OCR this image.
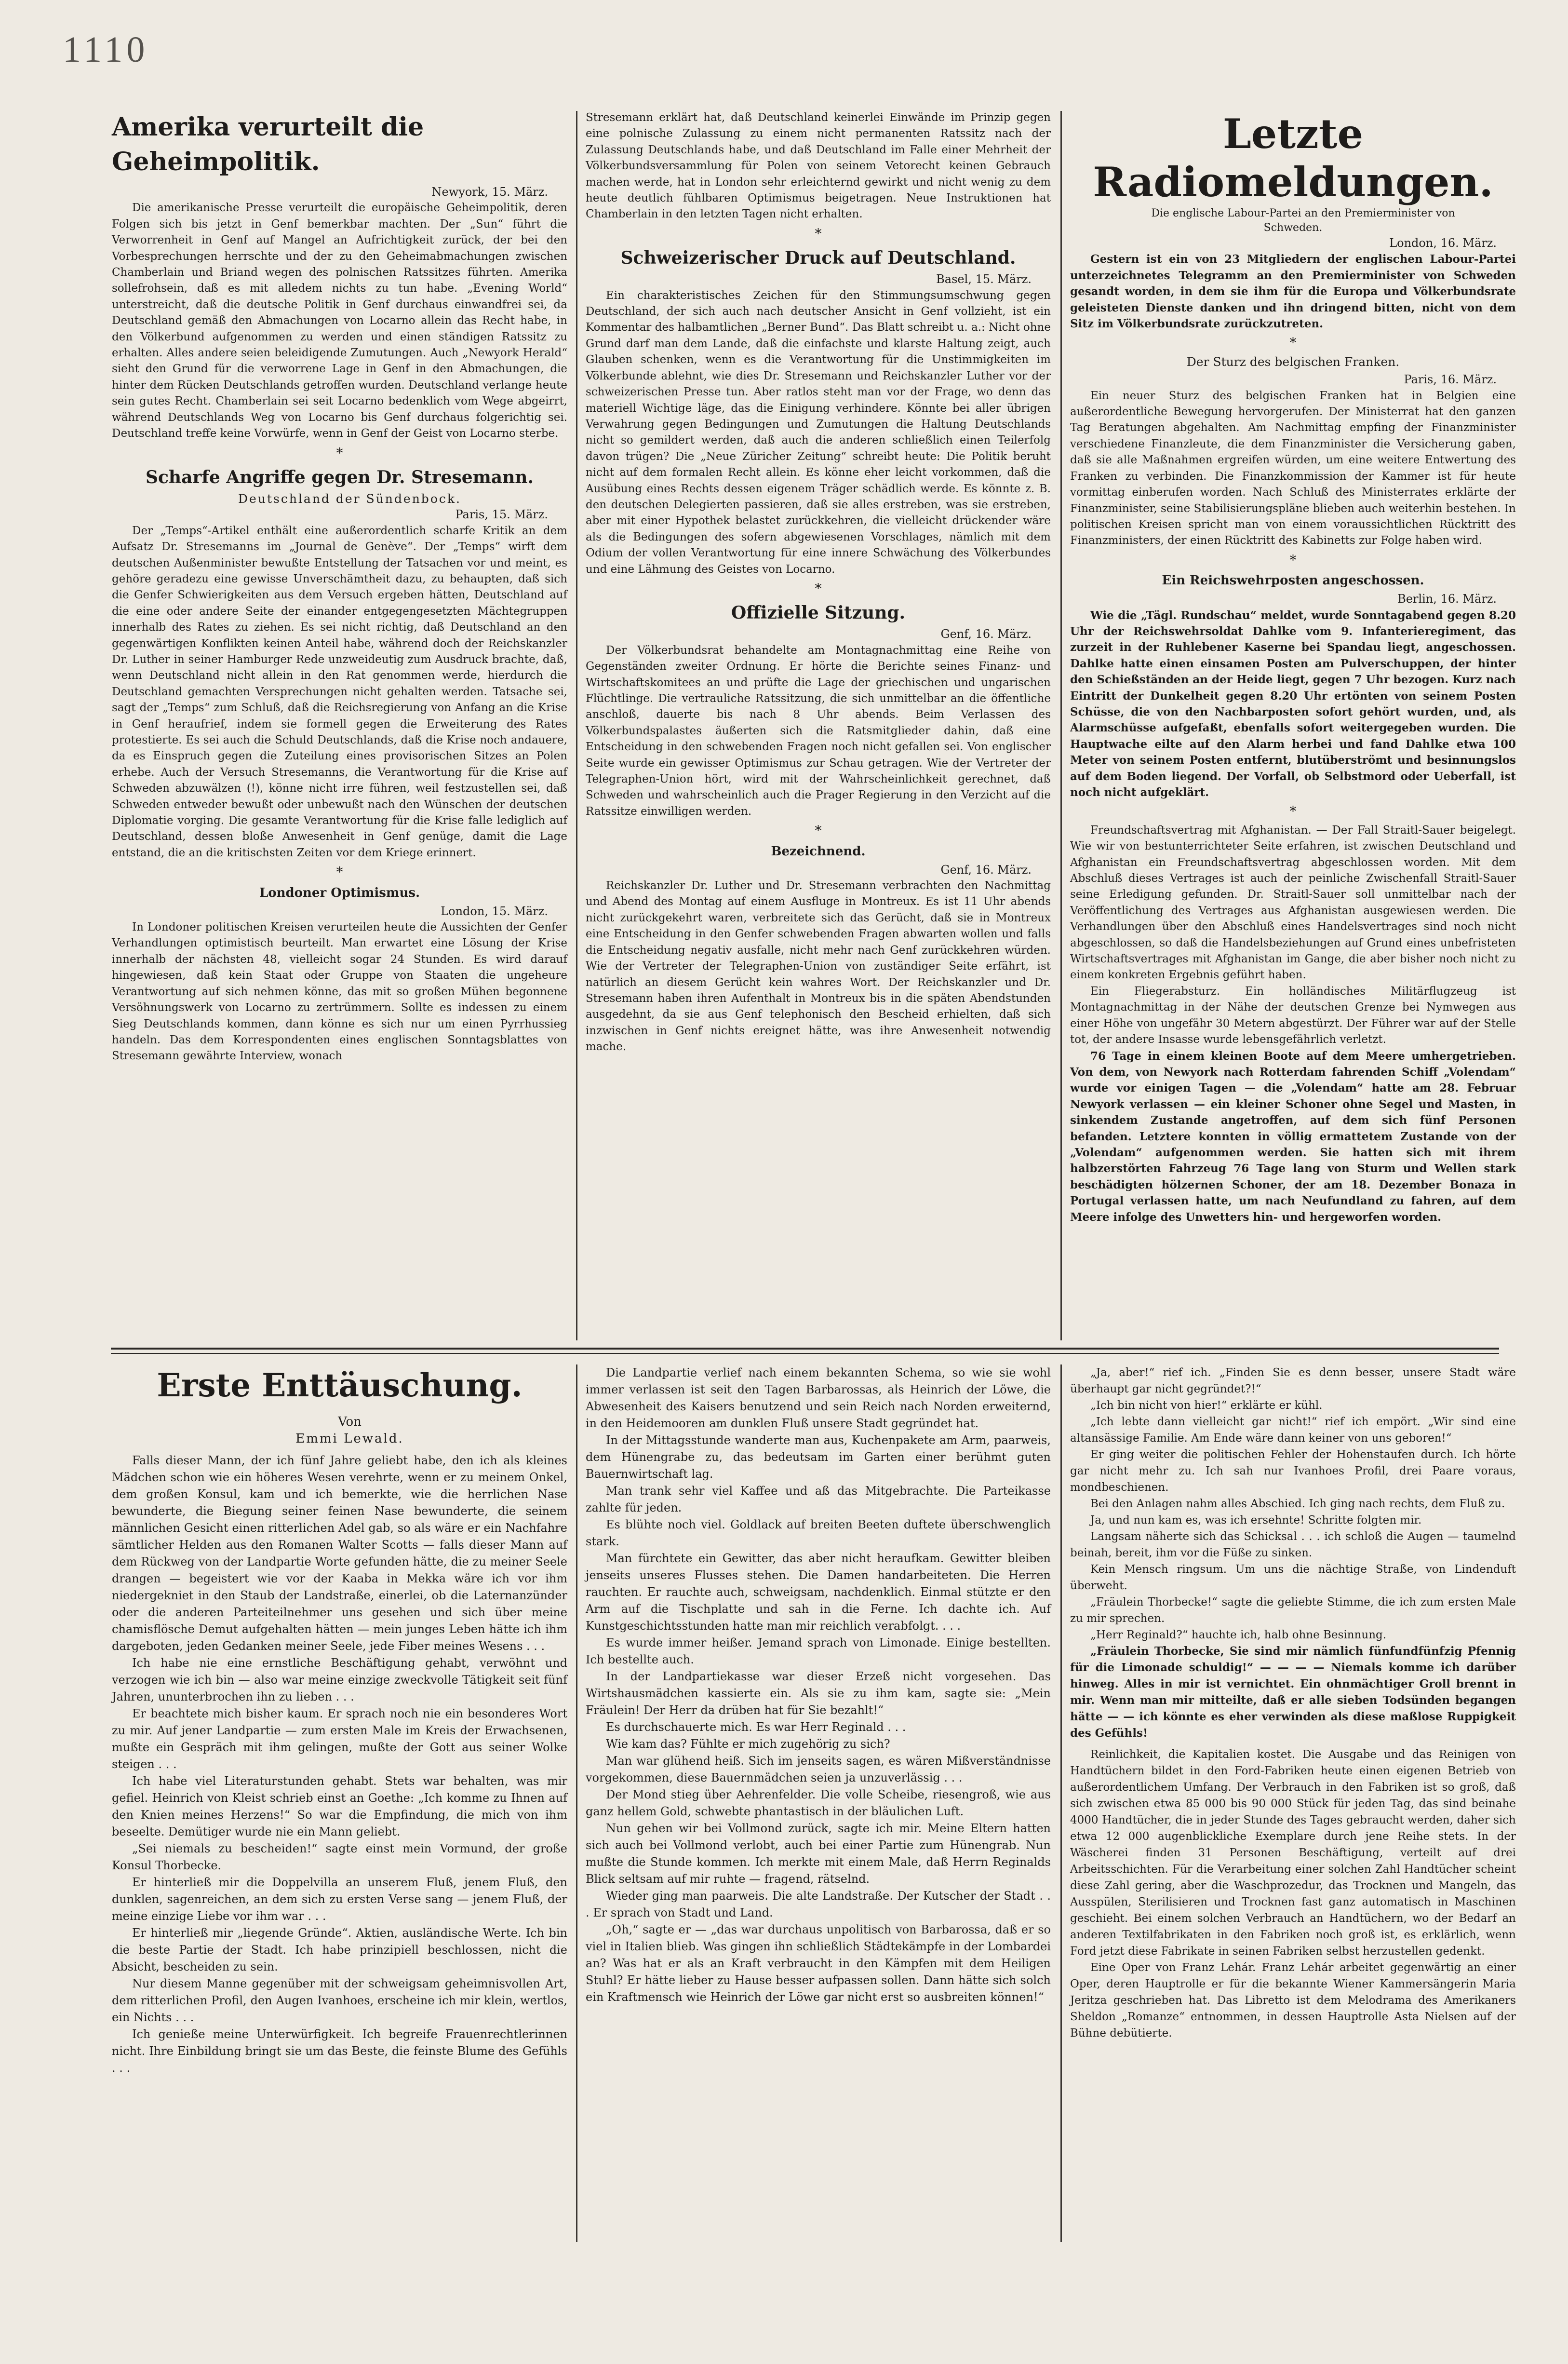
1110
Amerika verurteilt die Geheimpolitik.

Newyork, 15. März.

Die amerikanische Presse verurteilt die europäische Geheimpolitik, deren Folgen sich bis jetzt in Genf bemerkbar machten. Der „Sun“ führt die Verworrenheit in Genf auf Mangel an Aufrichtigkeit zurück, der bei den Vorbesprechungen herrschte und der zu den Geheimabmachungen zwischen Chamberlain und Briand wegen des polnischen Ratssitzes führten. Amerika sollefrohsein, daß es mit alledem nichts zu tun habe. „Evening World“ unterstreicht, daß die deutsche Politik in Genf durchaus einwandfrei sei, da Deutschland gemäß den Abmachungen von Locarno allein das Recht habe, in den Völkerbund aufgenommen zu werden und einen ständigen Ratssitz zu erhalten. Alles andere seien beleidigende Zumutungen. Auch „Newyork Herald“ sieht den Grund für die verworrene Lage in Genf in den Abmachungen, die hinter dem Rücken Deutschlands getroffen wurden. Deutschland verlange heute sein gutes Recht. Chamberlain sei seit Locarno bedenklich vom Wege abgeirrt, während Deutschlands Weg von Locarno bis Genf durchaus folgerichtig sei. Deutschland treffe keine Vorwürfe, wenn in Genf der Geist von Locarno sterbe.

*
Scharfe Angriffe gegen Dr. Stresemann.

Deutschland der Sündenbock.

Paris, 15. März.

Der „Temps“-Artikel enthält eine außerordentlich scharfe Kritik an dem Aufsatz Dr. Stresemanns im „Journal de Genève“. Der „Temps“ wirft dem deutschen Außenminister bewußte Entstellung der Tatsachen vor und meint, es gehöre geradezu eine gewisse Unverschämtheit dazu, zu behaupten, daß sich die Genfer Schwierigkeiten aus dem Versuch ergeben hätten, Deutschland auf die eine oder andere Seite der einander entgegengesetzten Mächtegruppen innerhalb des Rates zu ziehen. Es sei nicht richtig, daß Deutschland an den gegenwärtigen Konflikten keinen Anteil habe, während doch der Reichskanzler Dr. Luther in seiner Hamburger Rede unzweideutig zum Ausdruck brachte, daß, wenn Deutschland nicht allein in den Rat genommen werde, hierdurch die Deutschland gemachten Versprechungen nicht gehalten werden. Tatsache sei, sagt der „Temps“ zum Schluß, daß die Reichsregierung von Anfang an die Krise in Genf heraufrief, indem sie formell gegen die Erweiterung des Rates protestierte. Es sei auch die Schuld Deutschlands, daß die Krise noch andauere, da es Einspruch gegen die Zuteilung eines provisorischen Sitzes an Polen erhebe. Auch der Versuch Stresemanns, die Verantwortung für die Krise auf Schweden abzuwälzen (!), könne nicht irre führen, weil festzustellen sei, daß Schweden entweder bewußt oder unbewußt nach den Wünschen der deutschen Diplomatie vorging. Die gesamte Verantwortung für die Krise falle lediglich auf Deutschland, dessen bloße Anwesenheit in Genf genüge, damit die Lage entstand, die an die kritischsten Zeiten vor dem Kriege erinnert.

*
Londoner Optimismus.

London, 15. März.

In Londoner politischen Kreisen verurteilen heute die Aussichten der Genfer Verhandlungen optimistisch beurteilt. Man erwartet eine Lösung der Krise innerhalb der nächsten 48, vielleicht sogar 24 Stunden. Es wird darauf hingewiesen, daß kein Staat oder Gruppe von Staaten die ungeheure Verantwortung auf sich nehmen könne, das mit so großen Mühen begonnene Versöhnungswerk von Locarno zu zertrümmern. Sollte es indessen zu einem Sieg Deutschlands kommen, dann könne es sich nur um einen Pyrrhussieg handeln. Das dem Korrespondenten eines englischen Sonntagsblattes von Stresemann gewährte Interview, wonach

Stresemann erklärt hat, daß Deutschland keinerlei Einwände im Prinzip gegen eine polnische Zulassung zu einem nicht permanenten Ratssitz nach der Zulassung Deutschlands habe, und daß Deutschland im Falle einer Mehrheit der Völkerbundsversammlung für Polen von seinem Vetorecht keinen Gebrauch machen werde, hat in London sehr erleichternd gewirkt und nicht wenig zu dem heute deutlich fühlbaren Optimismus beigetragen. Neue Instruktionen hat Chamberlain in den letzten Tagen nicht erhalten.

*
Schweizerischer Druck auf Deutschland.

Basel, 15. März.

Ein charakteristisches Zeichen für den Stimmungsumschwung gegen Deutschland, der sich auch nach deutscher Ansicht in Genf vollzieht, ist ein Kommentar des halbamtlichen „Berner Bund“. Das Blatt schreibt u. a.: Nicht ohne Grund darf man dem Lande, daß die einfachste und klarste Haltung zeigt, auch Glauben schenken, wenn es die Verantwortung für die Unstimmigkeiten im Völkerbunde ablehnt, wie dies Dr. Stresemann und Reichskanzler Luther vor der schweizerischen Presse tun. Aber ratlos steht man vor der Frage, wo denn das materiell Wichtige läge, das die Einigung verhindere. Könnte bei aller übrigen Verwahrung gegen Bedingungen und Zumutungen die Haltung Deutschlands nicht so gemildert werden, daß auch die anderen schließlich einen Teilerfolg davon trügen? Die „Neue Züricher Zeitung“ schreibt heute: Die Politik beruht nicht auf dem formalen Recht allein. Es könne eher leicht vorkommen, daß die Ausübung eines Rechts dessen eigenem Träger schädlich werde. Es könnte z. B. den deutschen Delegierten passieren, daß sie alles erstreben, was sie erstreben, aber mit einer Hypothek belastet zurückkehren, die vielleicht drückender wäre als die Bedingungen des sofern abgewiesenen Vorschlages, nämlich mit dem Odium der vollen Verantwortung für eine innere Schwächung des Völkerbundes und eine Lähmung des Geistes von Locarno.

*
Offizielle Sitzung.

Genf, 16. März.

Der Völkerbundsrat behandelte am Montagnachmittag eine Reihe von Gegenständen zweiter Ordnung. Er hörte die Berichte seines Finanz- und Wirtschaftskomitees an und prüfte die Lage der griechischen und ungarischen Flüchtlinge. Die vertrauliche Ratssitzung, die sich unmittelbar an die öffentliche anschloß, dauerte bis nach 8 Uhr abends. Beim Verlassen des Völkerbundspalastes äußerten sich die Ratsmitglieder dahin, daß eine Entscheidung in den schwebenden Fragen noch nicht gefallen sei. Von englischer Seite wurde ein gewisser Optimismus zur Schau getragen. Wie der Vertreter der Telegraphen-Union hört, wird mit der Wahrscheinlichkeit gerechnet, daß Schweden und wahrscheinlich auch die Prager Regierung in den Verzicht auf die Ratssitze einwilligen werden.

*
Bezeichnend.

Genf, 16. März.

Reichskanzler Dr. Luther und Dr. Stresemann verbrachten den Nachmittag und Abend des Montag auf einem Ausfluge in Montreux. Es ist 11 Uhr abends nicht zurückgekehrt waren, verbreitete sich das Gerücht, daß sie in Montreux eine Entscheidung in den Genfer schwebenden Fragen abwarten wollen und falls die Entscheidung negativ ausfalle, nicht mehr nach Genf zurückkehren würden. Wie der Vertreter der Telegraphen-Union von zuständiger Seite erfährt, ist natürlich an diesem Gerücht kein wahres Wort. Der Reichskanzler und Dr. Stresemann haben ihren Aufenthalt in Montreux bis in die späten Abendstunden ausgedehnt, da sie aus Genf telephonisch den Bescheid erhielten, daß sich inzwischen in Genf nichts ereignet hätte, was ihre Anwesenheit notwendig mache.

Letzte Radiomeldungen.

Die englische Labour-Partei an den Premierminister von Schweden.

London, 16. März.

Gestern ist ein von 23 Mitgliedern der englischen Labour-Partei unterzeichnetes Telegramm an den Premierminister von Schweden gesandt worden, in dem sie ihm für die Europa und Völkerbundsrate geleisteten Dienste danken und ihn dringend bitten, nicht von dem Sitz im Völkerbundsrate zurückzutreten.

*
Der Sturz des belgischen Franken.

Paris, 16. März.

Ein neuer Sturz des belgischen Franken hat in Belgien eine außerordentliche Bewegung hervorgerufen. Der Ministerrat hat den ganzen Tag Beratungen abgehalten. Am Nachmittag empfing der Finanzminister verschiedene Finanzleute, die dem Finanzminister die Versicherung gaben, daß sie alle Maßnahmen ergreifen würden, um eine weitere Entwertung des Franken zu verbinden. Die Finanzkommission der Kammer ist für heute vormittag einberufen worden. Nach Schluß des Ministerrates erklärte der Finanzminister, seine Stabilisierungspläne blieben auch weiterhin bestehen. In politischen Kreisen spricht man von einem voraussichtlichen Rücktritt des Finanzministers, der einen Rücktritt des Kabinetts zur Folge haben wird.

*
Ein Reichswehrposten angeschossen.

Berlin, 16. März.

Wie die „Tägl. Rundschau“ meldet, wurde Sonntagabend gegen 8.20 Uhr der Reichswehrsoldat Dahlke vom 9. Infanterieregiment, das zurzeit in der Ruhlebener Kaserne bei Spandau liegt, angeschossen. Dahlke hatte einen einsamen Posten am Pulverschuppen, der hinter den Schießständen an der Heide liegt, gegen 7 Uhr bezogen. Kurz nach Eintritt der Dunkelheit gegen 8.20 Uhr ertönten von seinem Posten Schüsse, die von den Nachbarposten sofort gehört wurden, und, als Alarmschüsse aufgefaßt, ebenfalls sofort weitergegeben wurden. Die Hauptwache eilte auf den Alarm herbei und fand Dahlke etwa 100 Meter von seinem Posten entfernt, blutüberströmt und besinnungslos auf dem Boden liegend. Der Vorfall, ob Selbstmord oder Ueberfall, ist noch nicht aufgeklärt.

*

Freundschaftsvertrag mit Afghanistan. — Der Fall Straitl-Sauer beigelegt. Wie wir von bestunterrichteter Seite erfahren, ist zwischen Deutschland und Afghanistan ein Freundschaftsvertrag abgeschlossen worden. Mit dem Abschluß dieses Vertrages ist auch der peinliche Zwischenfall Straitl-Sauer seine Erledigung gefunden. Dr. Straitl-Sauer soll unmittelbar nach der Veröffentlichung des Vertrages aus Afghanistan ausgewiesen werden. Die Verhandlungen über den Abschluß eines Handelsvertrages sind noch nicht abgeschlossen, so daß die Handelsbeziehungen auf Grund eines unbefristeten Wirtschaftsvertrages mit Afghanistan im Gange, die aber bisher noch nicht zu einem konkreten Ergebnis geführt haben.

Ein Fliegerabsturz. Ein holländisches Militärflugzeug ist Montagnachmittag in der Nähe der deutschen Grenze bei Nymwegen aus einer Höhe von ungefähr 30 Metern abgestürzt. Der Führer war auf der Stelle tot, der andere Insasse wurde lebensgefährlich verletzt.

76 Tage in einem kleinen Boote auf dem Meere umhergetrieben. Von dem, von Newyork nach Rotterdam fahrenden Schiff „Volendam“ wurde vor einigen Tagen — die „Volendam“ hatte am 28. Februar Newyork verlassen — ein kleiner Schoner ohne Segel und Masten, in sinkendem Zustande angetroffen, auf dem sich fünf Personen befanden. Letztere konnten in völlig ermattetem Zustande von der „Volendam“ aufgenommen werden. Sie hatten sich mit ihrem halbzerstörten Fahrzeug 76 Tage lang von Sturm und Wellen stark beschädigten hölzernen Schoner, der am 18. Dezember Bonaza in Portugal verlassen hatte, um nach Neufundland zu fahren, auf dem Meere infolge des Unwetters hin- und hergeworfen worden.

Erste Enttäuschung.

Von

Emmi Lewald.

Falls dieser Mann, der ich fünf Jahre geliebt habe, den ich als kleines Mädchen schon wie ein höheres Wesen verehrte, wenn er zu meinem Onkel, dem großen Konsul, kam und ich bemerkte, wie die herrlichen Nase bewunderte, die Biegung seiner feinen Nase bewunderte, die seinem männlichen Gesicht einen ritterlichen Adel gab, so als wäre er ein Nachfahre sämtlicher Helden aus den Romanen Walter Scotts — falls dieser Mann auf dem Rückweg von der Landpartie Worte gefunden hätte, die zu meiner Seele drangen — begeistert wie vor der Kaaba in Mekka wäre ich vor ihm niedergekniet in den Staub der Landstraße, einerlei, ob die Laternanzünder oder die anderen Parteiteilnehmer uns gesehen und sich über meine chamisflösche Demut aufgehalten hätten — mein junges Leben hätte ich ihm dargeboten, jeden Gedanken meiner Seele, jede Fiber meines Wesens . . .

Ich habe nie eine ernstliche Beschäftigung gehabt, verwöhnt und verzogen wie ich bin — also war meine einzige zweckvolle Tätigkeit seit fünf Jahren, ununterbrochen ihn zu lieben . . .

Er beachtete mich bisher kaum. Er sprach noch nie ein besonderes Wort zu mir. Auf jener Landpartie — zum ersten Male im Kreis der Erwachsenen, mußte ein Gespräch mit ihm gelingen, mußte der Gott aus seiner Wolke steigen . . .

Ich habe viel Literaturstunden gehabt. Stets war behalten, was mir gefiel. Heinrich von Kleist schrieb einst an Goethe: „Ich komme zu Ihnen auf den Knien meines Herzens!“ So war die Empfindung, die mich von ihm beseelte. Demütiger wurde nie ein Mann geliebt.

„Sei niemals zu bescheiden!“ sagte einst mein Vormund, der große Konsul Thorbecke.

Er hinterließ mir die Doppelvilla an unserem Fluß, jenem Fluß, den dunklen, sagenreichen, an dem sich zu ersten Verse sang — jenem Fluß, der meine einzige Liebe vor ihm war . . .

Er hinterließ mir „liegende Gründe“. Aktien, ausländische Werte. Ich bin die beste Partie der Stadt. Ich habe prinzipiell beschlossen, nicht die Absicht, bescheiden zu sein.

Nur diesem Manne gegenüber mit der schweigsam geheimnisvollen Art, dem ritterlichen Profil, den Augen Ivanhoes, erscheine ich mir klein, wertlos, ein Nichts . . .

Ich genieße meine Unterwürfigkeit. Ich begreife Frauenrechtlerinnen nicht. Ihre Einbildung bringt sie um das Beste, die feinste Blume des Gefühls . . .

Die Landpartie verlief nach einem bekannten Schema, so wie sie wohl immer verlassen ist seit den Tagen Barbarossas, als Heinrich der Löwe, die Abwesenheit des Kaisers benutzend und sein Reich nach Norden erweiternd, in den Heidemooren am dunklen Fluß unsere Stadt gegründet hat.

In der Mittagsstunde wanderte man aus, Kuchenpakete am Arm, paarweis, dem Hünengrabe zu, das bedeutsam im Garten einer berühmt guten Bauernwirtschaft lag.

Man trank sehr viel Kaffee und aß das Mitgebrachte. Die Parteikasse zahlte für jeden.

Es blühte noch viel. Goldlack auf breiten Beeten duftete überschwenglich stark.

Man fürchtete ein Gewitter, das aber nicht heraufkam. Gewitter bleiben jenseits unseres Flusses stehen. Die Damen handarbeiteten. Die Herren rauchten. Er rauchte auch, schweigsam, nachdenklich. Einmal stützte er den Arm auf die Tischplatte und sah in die Ferne. Ich dachte ich. Auf Kunstgeschichtsstunden hatte man mir reichlich verabfolgt. . . .

Es wurde immer heißer. Jemand sprach von Limonade. Einige bestellten. Ich bestellte auch.

In der Landpartiekasse war dieser Erzeß nicht vorgesehen. Das Wirtshausmädchen kassierte ein. Als sie zu ihm kam, sagte sie: „Mein Fräulein! Der Herr da drüben hat für Sie bezahlt!“

Es durchschauerte mich. Es war Herr Reginald . . .

Wie kam das? Fühlte er mich zugehörig zu sich?

Man war glühend heiß. Sich im jenseits sagen, es wären Mißverständnisse vorgekommen, diese Bauernmädchen seien ja unzuverlässig . . .

Der Mond stieg über Aehrenfelder. Die volle Scheibe, riesengroß, wie aus ganz hellem Gold, schwebte phantastisch in der bläulichen Luft.

Nun gehen wir bei Vollmond zurück, sagte ich mir. Meine Eltern hatten sich auch bei Vollmond verlobt, auch bei einer Partie zum Hünengrab. Nun mußte die Stunde kommen. Ich merkte mit einem Male, daß Herrn Reginalds Blick seltsam auf mir ruhte — fragend, rätselnd.

Wieder ging man paarweis. Die alte Landstraße. Der Kutscher der Stadt . . . Er sprach von Stadt und Land.

„Oh,“ sagte er — „das war durchaus unpolitisch von Barbarossa, daß er so viel in Italien blieb. Was gingen ihn schließlich Städtekämpfe in der Lombardei an? Was hat er als an Kraft verbraucht in den Kämpfen mit dem Heiligen Stuhl? Er hätte lieber zu Hause besser aufpassen sollen. Dann hätte sich solch ein Kraftmensch wie Heinrich der Löwe gar nicht erst so ausbreiten können!“

„Ja, aber!“ rief ich. „Finden Sie es denn besser, unsere Stadt wäre überhaupt gar nicht gegründet?!“

„Ich bin nicht von hier!“ erklärte er kühl.

„Ich lebte dann vielleicht gar nicht!“ rief ich empört. „Wir sind eine altansässige Familie. Am Ende wäre dann keiner von uns geboren!“

Er ging weiter die politischen Fehler der Hohenstaufen durch. Ich hörte gar nicht mehr zu. Ich sah nur Ivanhoes Profil, drei Paare voraus, mondbeschienen.

Bei den Anlagen nahm alles Abschied. Ich ging nach rechts, dem Fluß zu.

Ja, und nun kam es, was ich ersehnte! Schritte folgten mir.

Langsam näherte sich das Schicksal . . . ich schloß die Augen — taumelnd beinah, bereit, ihm vor die Füße zu sinken.

Kein Mensch ringsum. Um uns die nächtige Straße, von Lindenduft überweht.

„Fräulein Thorbecke!“ sagte die geliebte Stimme, die ich zum ersten Male zu mir sprechen.

„Herr Reginald?“ hauchte ich, halb ohne Besinnung.

„Fräulein Thorbecke, Sie sind mir nämlich fünfundfünfzig Pfennig für die Limonade schuldig!“ — — — — Niemals komme ich darüber hinweg. Alles in mir ist vernichtet. Ein ohnmächtiger Groll brennt in mir. Wenn man mir mitteilte, daß er alle sieben Todsünden begangen hätte — — ich könnte es eher verwinden als diese maßlose Ruppigkeit des Gefühls!

Reinlichkeit, die Kapitalien kostet. Die Ausgabe und das Reinigen von Handtüchern bildet in den Ford-Fabriken heute einen eigenen Betrieb von außerordentlichem Umfang. Der Verbrauch in den Fabriken ist so groß, daß sich zwischen etwa 85 000 bis 90 000 Stück für jeden Tag, das sind beinahe 4000 Handtücher, die in jeder Stunde des Tages gebraucht werden, daher sich etwa 12 000 augenblickliche Exemplare durch jene Reihe stets. In der Wäscherei finden 31 Personen Beschäftigung, verteilt auf drei Arbeitsschichten. Für die Verarbeitung einer solchen Zahl Handtücher scheint diese Zahl gering, aber die Waschprozedur, das Trocknen und Mangeln, das Ausspülen, Sterilisieren und Trocknen fast ganz automatisch in Maschinen geschieht. Bei einem solchen Verbrauch an Handtüchern, wo der Bedarf an anderen Textilfabrikaten in den Fabriken noch groß ist, es erklärlich, wenn Ford jetzt diese Fabrikate in seinen Fabriken selbst herzustellen gedenkt.

Eine Oper von Franz Lehár. Franz Lehár arbeitet gegenwärtig an einer Oper, deren Hauptrolle er für die bekannte Wiener Kammersängerin Maria Jeritza geschrieben hat. Das Libretto ist dem Melodrama des Amerikaners Sheldon „Romanze“ entnommen, in dessen Hauptrolle Asta Nielsen auf der Bühne debütierte.
